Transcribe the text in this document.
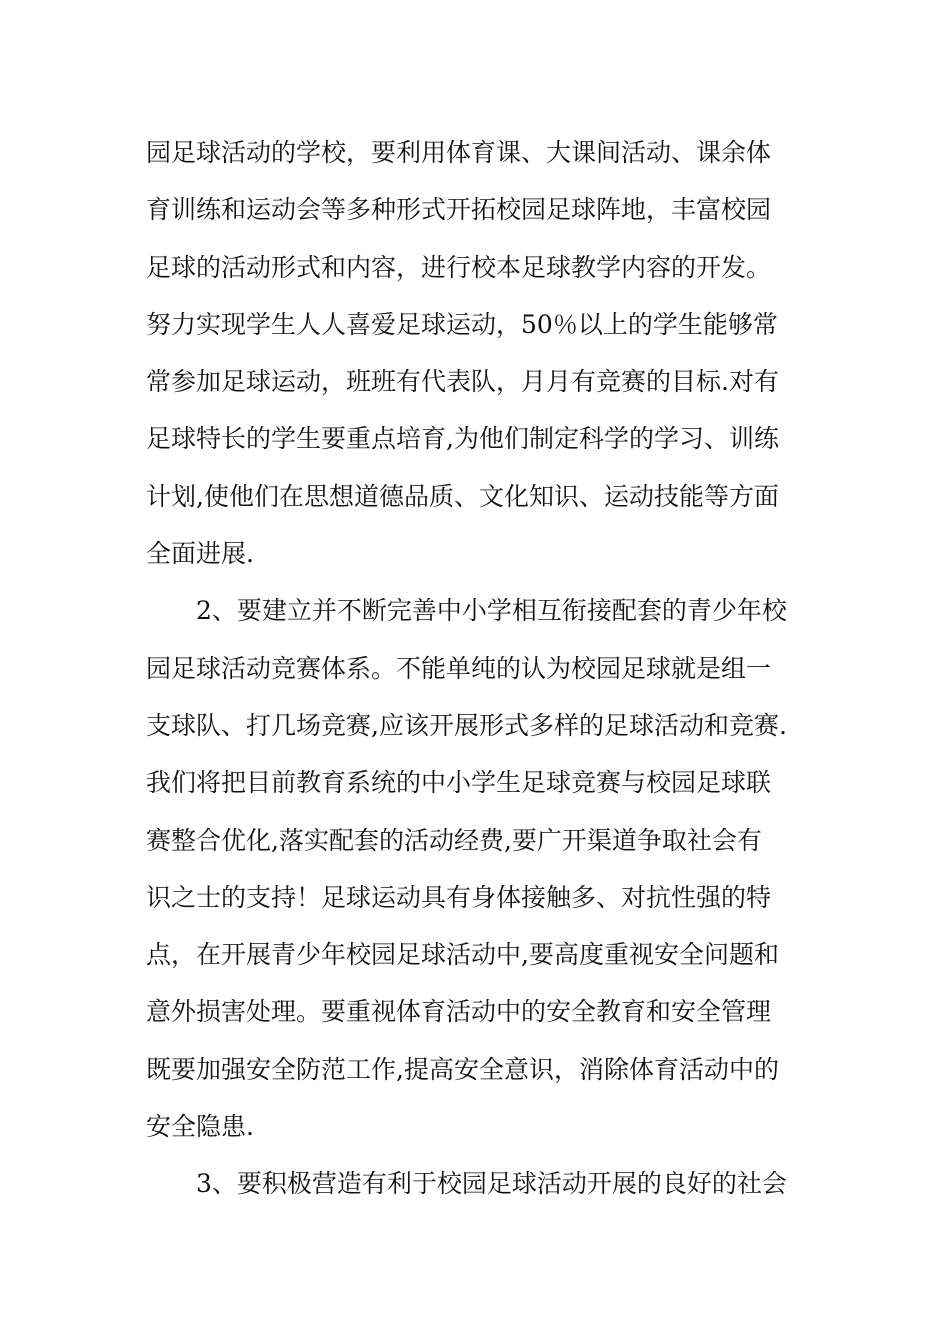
园足球活动的学校，要利用体育课、大课间活动、课余体
育训练和运动会等多种形式开拓校园足球阵地，丰富校园
足球的活动形式和内容，进行校本足球教学内容的开发。
努力实现学生人人喜爱足球运动，50％以上的学生能够常
常参加足球运动，班班有代表队，月月有竞赛的目标.对有
足球特长的学生要重点培育,为他们制定科学的学习、训练
计划,使他们在思想道德品质、文化知识、运动技能等方面
全面进展.
2、要建立并不断完善中小学相互衔接配套的青少年校
园足球活动竞赛体系。不能单纯的认为校园足球就是组一
支球队、打几场竞赛,应该开展形式多样的足球活动和竞赛.
我们将把目前教育系统的中小学生足球竞赛与校园足球联
赛整合优化,落实配套的活动经费,要广开渠道争取社会有
识之士的支持！足球运动具有身体接触多、对抗性强的特
点，在开展青少年校园足球活动中,要高度重视安全问题和
意外损害处理。要重视体育活动中的安全教育和安全管理
既要加强安全防范工作,提高安全意识，消除体育活动中的
安全隐患.
3、要积极营造有利于校园足球活动开展的良好的社会
